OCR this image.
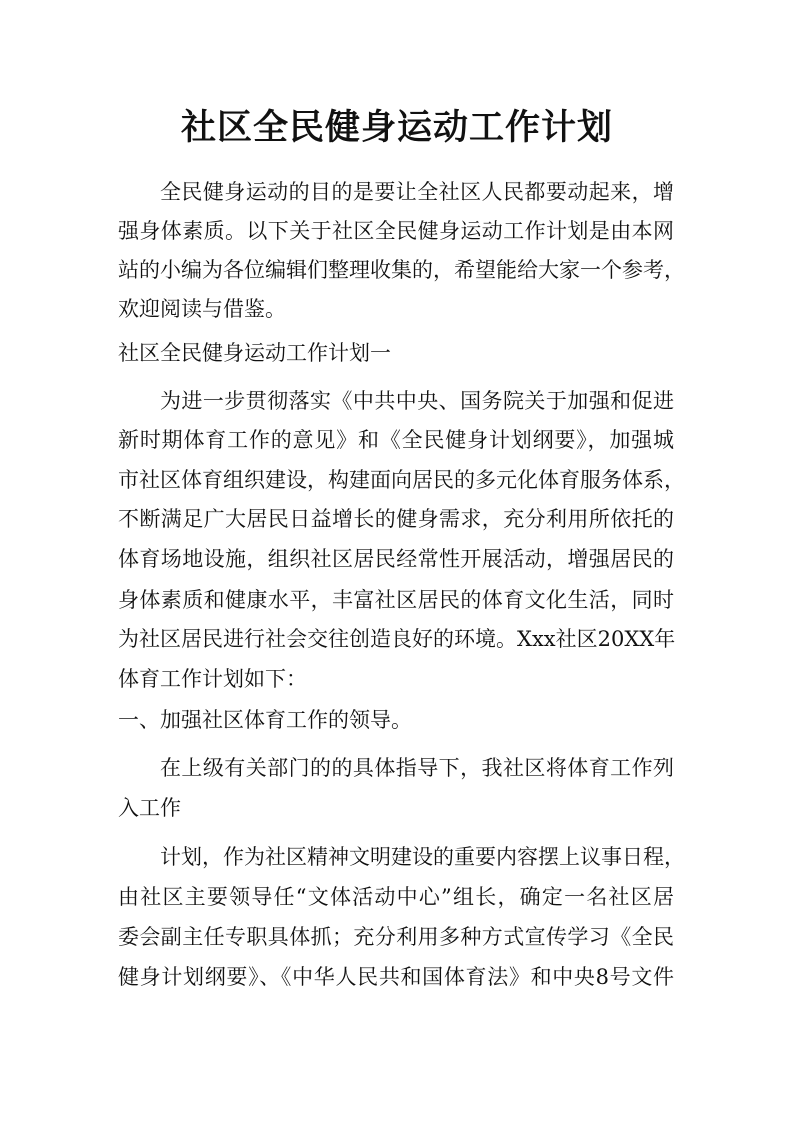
社区全民健身运动工作计划
全民健身运动的目的是要让全社区人民都要动起来，增
强身体素质。以下关于社区全民健身运动工作计划是由本网
站的小编为各位编辑们整理收集的，希望能给大家一个参考，
欢迎阅读与借鉴。
社区全民健身运动工作计划一
为进一步贯彻落实《中共中央、国务院关于加强和促进
新时期体育工作的意见》和《全民健身计划纲要》，加强城
市社区体育组织建设，构建面向居民的多元化体育服务体系，
不断满足广大居民日益增长的健身需求，充分利用所依托的
体育场地设施，组织社区居民经常性开展活动，增强居民的
身体素质和健康水平，丰富社区居民的体育文化生活，同时
为社区居民进行社会交往创造良好的环境。Xxx社区20XX年
体育工作计划如下：
一、加强社区体育工作的领导。
在上级有关部门的的具体指导下，我社区将体育工作列
入工作
计划，作为社区精神文明建设的重要内容摆上议事日程，
由社区主要领导任“文体活动中心”组长，确定一名社区居
委会副主任专职具体抓；充分利用多种方式宣传学习《全民
健身计划纲要》、《中华人民共和国体育法》和中央8号文件
